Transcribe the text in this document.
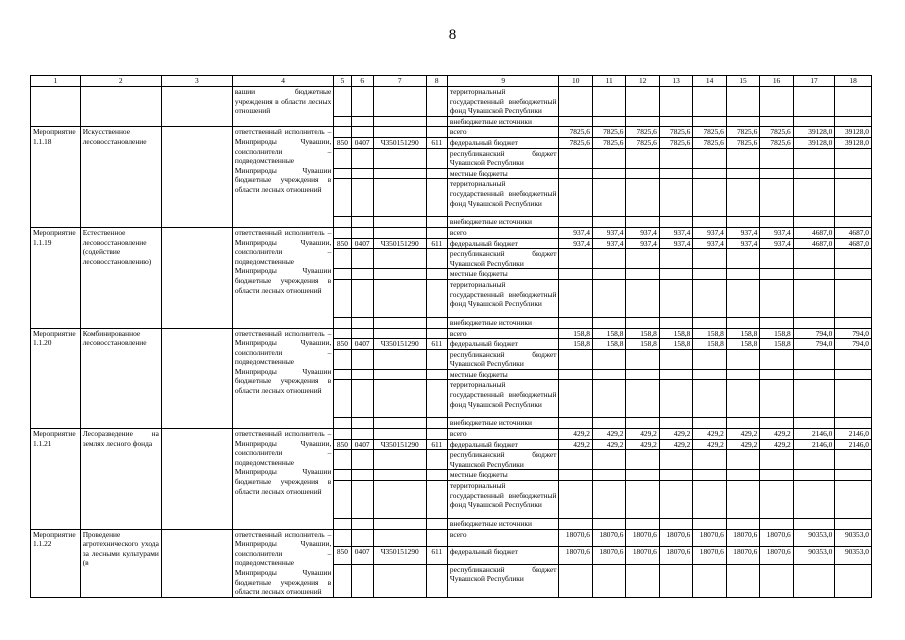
8
1	2	3	4	5	6	7	8	9	10	11	12	13	14	15	16	17	18
			вашии бюджетные учреждения в области лесных отношений					территориальный государственный внебюджетный фонд Чувашской Республики									
								внебюджетные источники									
Мероприятие 1.1.18	Искусственное лесовосстановление		ответственный исполнитель – Минприроды Чувашии, соисполнители – подведомственные Минприроды Чувашии бюджетные учреждения в области лесных отношений					всего	7825,6	7825,6	7825,6	7825,6	7825,6	7825,6	7825,6	39128,0	39128,0
				850	0407	Ч350151290	611	федеральный бюджет	7825,6	7825,6	7825,6	7825,6	7825,6	7825,6	7825,6	39128,0	39128,0
								республиканский бюджет Чувашской Республики									
								местные бюджеты									
								территориальный государственный внебюджетный фонд Чувашской Республики									
								внебюджетные источники									
Мероприятие 1.1.19	Естественное лесовосстановление (содействие лесовосстановлению)		ответственный исполнитель – Минприроды Чувашии, соисполнители – подведомственные Минприроды Чувашии бюджетные учреждения в области лесных отношений					всего	937,4	937,4	937,4	937,4	937,4	937,4	937,4	4687,0	4687,0
				850	0407	Ч350151290	611	федеральный бюджет	937,4	937,4	937,4	937,4	937,4	937,4	937,4	4687,0	4687,0
								республиканский бюджет Чувашской Республики									
								местные бюджеты									
								территориальный государственный внебюджетный фонд Чувашской Республики									
								внебюджетные источники									
Мероприятие 1.1.20	Комбинированное лесовосстановление		ответственный исполнитель – Минприроды Чувашии, соисполнители – подведомственные Минприроды Чувашии бюджетные учреждения в области лесных отношений					всего	158,8	158,8	158,8	158,8	158,8	158,8	158,8	794,0	794,0
				850	0407	Ч350151290	611	федеральный бюджет	158,8	158,8	158,8	158,8	158,8	158,8	158,8	794,0	794,0
								республиканский бюджет Чувашской Республики									
								местные бюджеты									
								территориальный государственный внебюджетный фонд Чувашской Республики									
								внебюджетные источники									
Мероприятие 1.1.21	Лесоразведение на землях лесного фонда		ответственный исполнитель – Минприроды Чувашии, соисполнители – подведомственные Минприроды Чувашии бюджетные учреждения в области лесных отношений					всего	429,2	429,2	429,2	429,2	429,2	429,2	429,2	2146,0	2146,0
				850	0407	Ч350151290	611	федеральный бюджет	429,2	429,2	429,2	429,2	429,2	429,2	429,2	2146,0	2146,0
								республиканский бюджет Чувашской Республики									
								местные бюджеты									
								территориальный государственный внебюджетный фонд Чувашской Республики									
								внебюджетные источники									
Мероприятие 1.1.22	Проведение агротехнического ухода за лесными культурами (в		ответственный исполнитель – Минприроды Чувашии, соисполнители – подведомственные Минприроды Чувашии бюджетные учреждения в области лесных отношений					всего	18070,6	18070,6	18070,6	18070,6	18070,6	18070,6	18070,6	90353,0	90353,0
				850	0407	Ч350151290	611	федеральный бюджет	18070,6	18070,6	18070,6	18070,6	18070,6	18070,6	18070,6	90353,0	90353,0
								республиканский бюджет Чувашской Республики									
